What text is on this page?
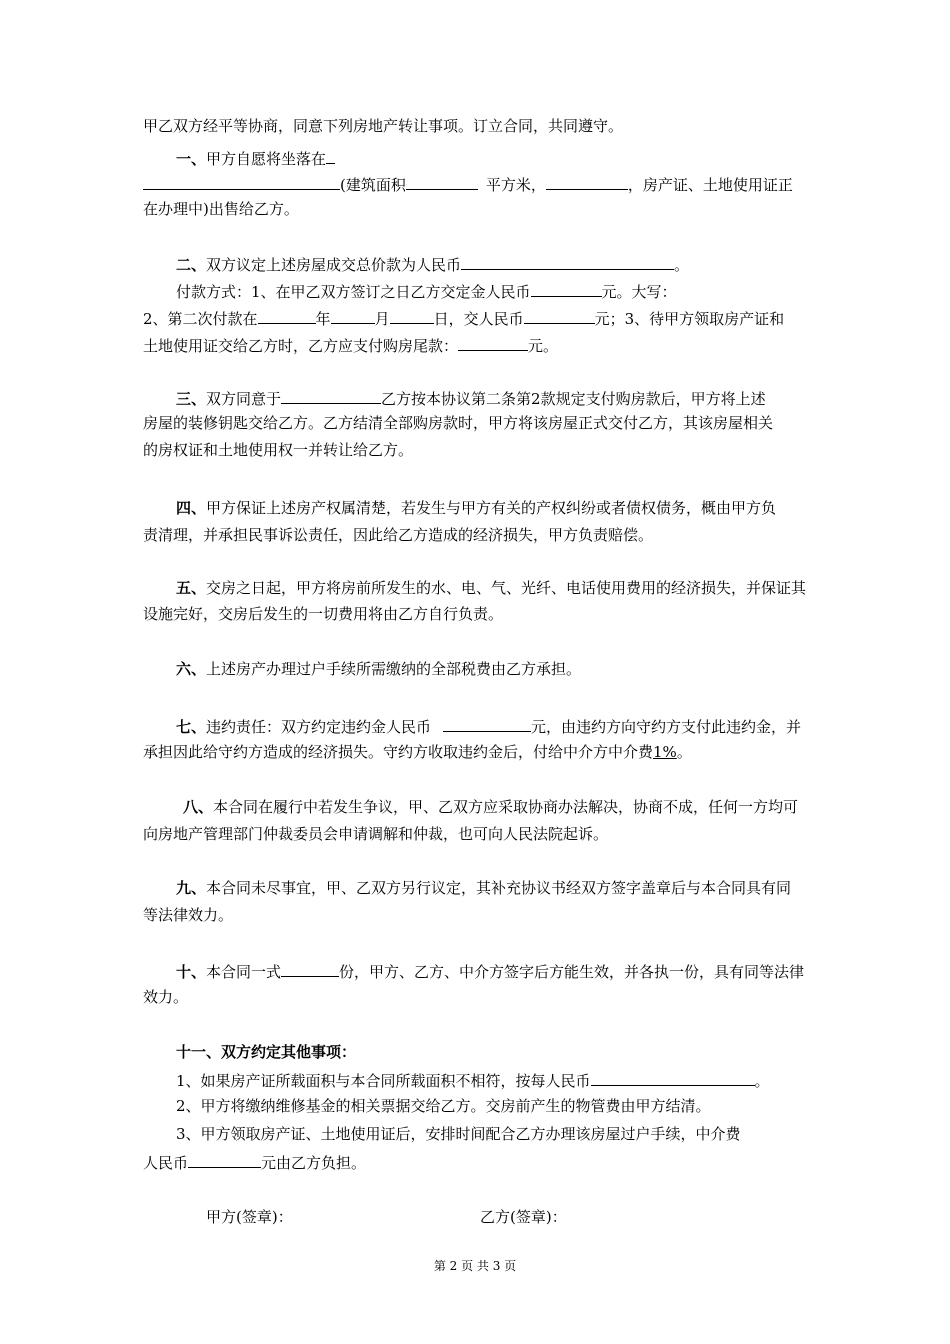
甲乙双方经平等协商，同意下列房地产转让事项。订立合同，共同遵守。
一、甲方自愿将坐落在
(建筑面积	平方米，	，房产证、土地使用证正
在办理中)出售给乙方。
二、双方议定上述房屋成交总价款为人民币	。
付款方式：1、在甲乙双方签订之日乙方交定金人民币	元。大写：
2、第二次付款在	年	月	日，交人民币	元；3、待甲方领取房产证和
土地使用证交给乙方时，乙方应支付购房尾款：	元。
三、双方同意于	乙方按本协议第二条第2款规定支付购房款后，甲方将上述
房屋的装修钥匙交给乙方。乙方结清全部购房款时，甲方将该房屋正式交付乙方，其该房屋相关
的房权证和土地使用权一并转让给乙方。
四、甲方保证上述房产权属清楚，若发生与甲方有关的产权纠纷或者债权债务，概由甲方负
责清理，并承担民事诉讼责任，因此给乙方造成的经济损失，甲方负责赔偿。
五、交房之日起，甲方将房前所发生的水、电、气、光纤、电话使用费用的经济损失，并保证其
设施完好，交房后发生的一切费用将由乙方自行负责。
六、上述房产办理过户手续所需缴纳的全部税费由乙方承担。
七、违约责任：双方约定违约金人民币	元，由违约方向守约方支付此违约金，并
承担因此给守约方造成的经济损失。守约方收取违约金后，付给中介方中介费1%。
八、本合同在履行中若发生争议，甲、乙双方应采取协商办法解决，协商不成，任何一方均可
向房地产管理部门仲裁委员会申请调解和仲裁，也可向人民法院起诉。
九、本合同未尽事宜，甲、乙双方另行议定，其补充协议书经双方签字盖章后与本合同具有同
等法律效力。
十、本合同一式	份，甲方、乙方、中介方签字后方能生效，并各执一份，具有同等法律
效力。
十一、双方约定其他事项：
1、如果房产证所载面积与本合同所载面积不相符，按每人民币	。
2、甲方将缴纳维修基金的相关票据交给乙方。交房前产生的物管费由甲方结清。
3、甲方领取房产证、土地使用证后，安排时间配合乙方办理该房屋过户手续，中介费
人民币	元由乙方负担。
甲方(签章)：	乙方(签章)：
第 2 页 共 3 页
